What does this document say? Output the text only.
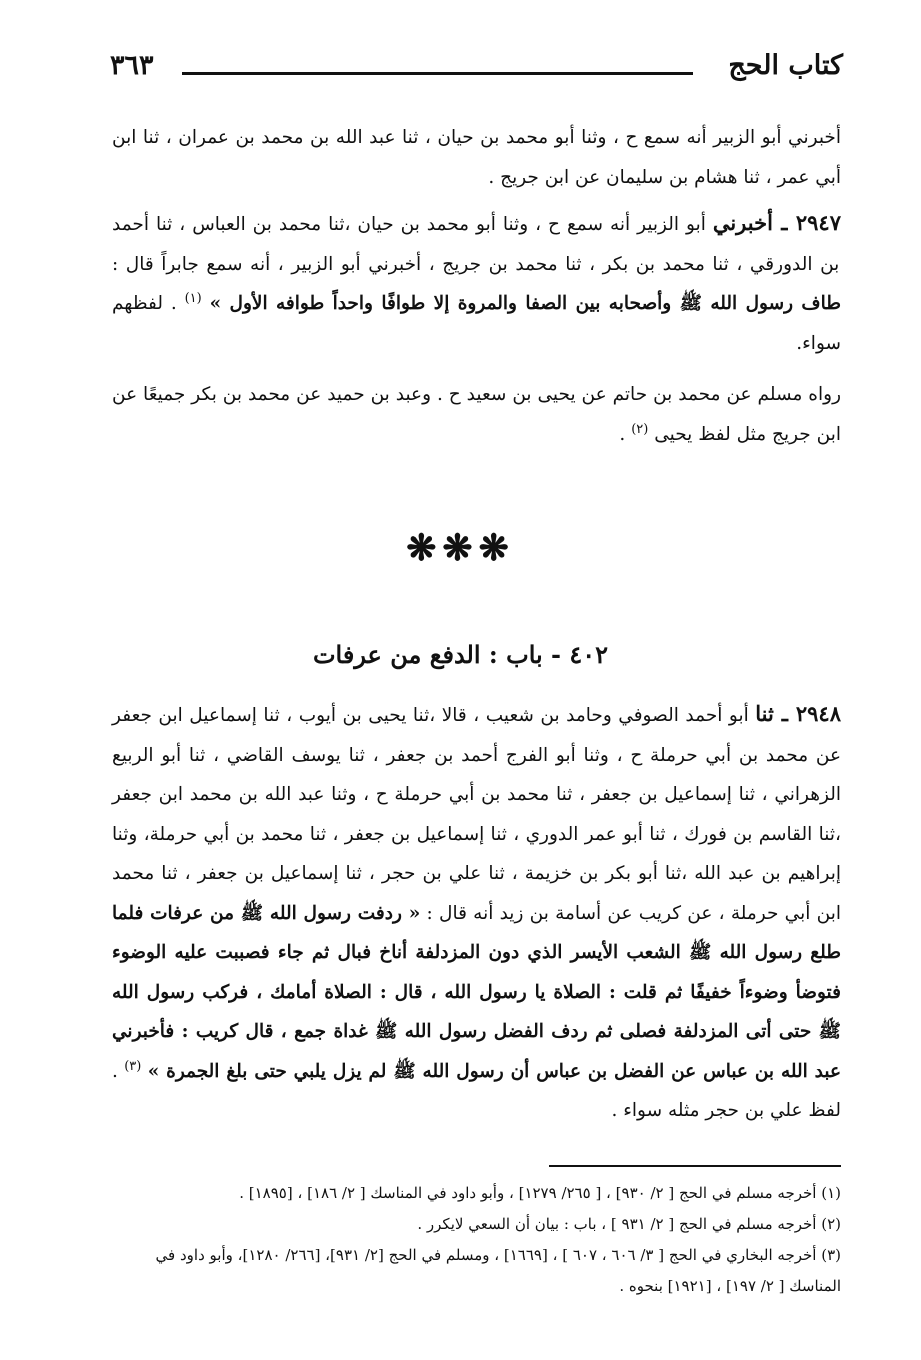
كتاب الحج
٣٦٣

أخبرني أبو الزبير أنه سمع ح ، وثنا أبو محمد بن حيان ، ثنا عبد الله بن محمد بن عمران ، ثنا ابن أبي عمر ، ثنا هشام بن سليمان عن ابن جريج .

٢٩٤٧ ـ أخبرني أبو الزبير أنه سمع ح ، وثنا أبو محمد بن حيان ،ثنا محمد بن العباس ، ثنا أحمد بن الدورقي ، ثنا محمد بن بكر ، ثنا محمد بن جريج ، أخبرني أبو الزبير ، أنه سمع جابراً قال : طاف رسول الله ﷺ وأصحابه بين الصفا والمروة إلا طوافًا واحداً طوافه الأول » $^{(١)}$ . لفظهم سواء.

رواه مسلم عن محمد بن حاتم عن يحيى بن سعيد ح . وعبد بن حميد عن محمد بن بكر جميعًا عن ابن جريج مثل لفظ يحيى $^{(٢)}$ .

❋❋❋
٤٠٢ - باب : الدفع من عرفات

٢٩٤٨ ـ ثنا أبو أحمد الصوفي وحامد بن شعيب ، قالا ،ثنا يحيى بن أيوب ، ثنا إسماعيل ابن جعفر عن محمد بن أبي حرملة ح ، وثنا أبو الفرج أحمد بن جعفر ، ثنا يوسف القاضي ، ثنا أبو الربيع الزهراني ، ثنا إسماعيل بن جعفر ، ثنا محمد بن أبي حرملة ح ، وثنا عبد الله بن محمد ابن جعفر ،ثنا القاسم بن فورك ، ثنا أبو عمر الدوري ، ثنا إسماعيل بن جعفر ، ثنا محمد بن أبي حرملة، وثنا إبراهيم بن عبد الله ،ثنا أبو بكر بن خزيمة ، ثنا علي بن حجر ، ثنا إسماعيل بن جعفر ، ثنا محمد ابن أبي حرملة ، عن كريب عن أسامة بن زيد أنه قال : « ردفت رسول الله ﷺ من عرفات فلما طلع رسول الله ﷺ الشعب الأيسر الذي دون المزدلفة أناخ فبال ثم جاء فصببت عليه الوضوء فتوضأ وضوءاً خفيفًا ثم قلت : الصلاة يا رسول الله ، قال : الصلاة أمامك ، فركب رسول الله ﷺ حتى أتى المزدلفة فصلى ثم ردف الفضل رسول الله ﷺ غداة جمع ، قال كريب : فأخبرني عبد الله بن عباس عن الفضل بن عباس أن رسول الله ﷺ لم يزل يلبي حتى بلغ الجمرة » $^{(٣)}$ . لفظ علي بن حجر مثله سواء .

(١) أخرجه مسلم في الحج [ ٢/ ٩٣٠] ، [ ٢٦٥/ ١٢٧٩] ، وأبو داود في المناسك [ ٢/ ١٨٦] ، [١٨٩٥] .

(٢) أخرجه مسلم في الحج [ ٢/ ٩٣١ ] ، باب : بيان أن السعي لايكرر .

(٣) أخرجه البخاري في الحج [ ٣/ ٦٠٦ ، ٦٠٧ ] ، [١٦٦٩] ، ومسلم في الحج [٢/ ٩٣١]، [٢٦٦/ ١٢٨٠]، وأبو داود في المناسك [ ٢/ ١٩٧] ، [١٩٢١] بنحوه .
